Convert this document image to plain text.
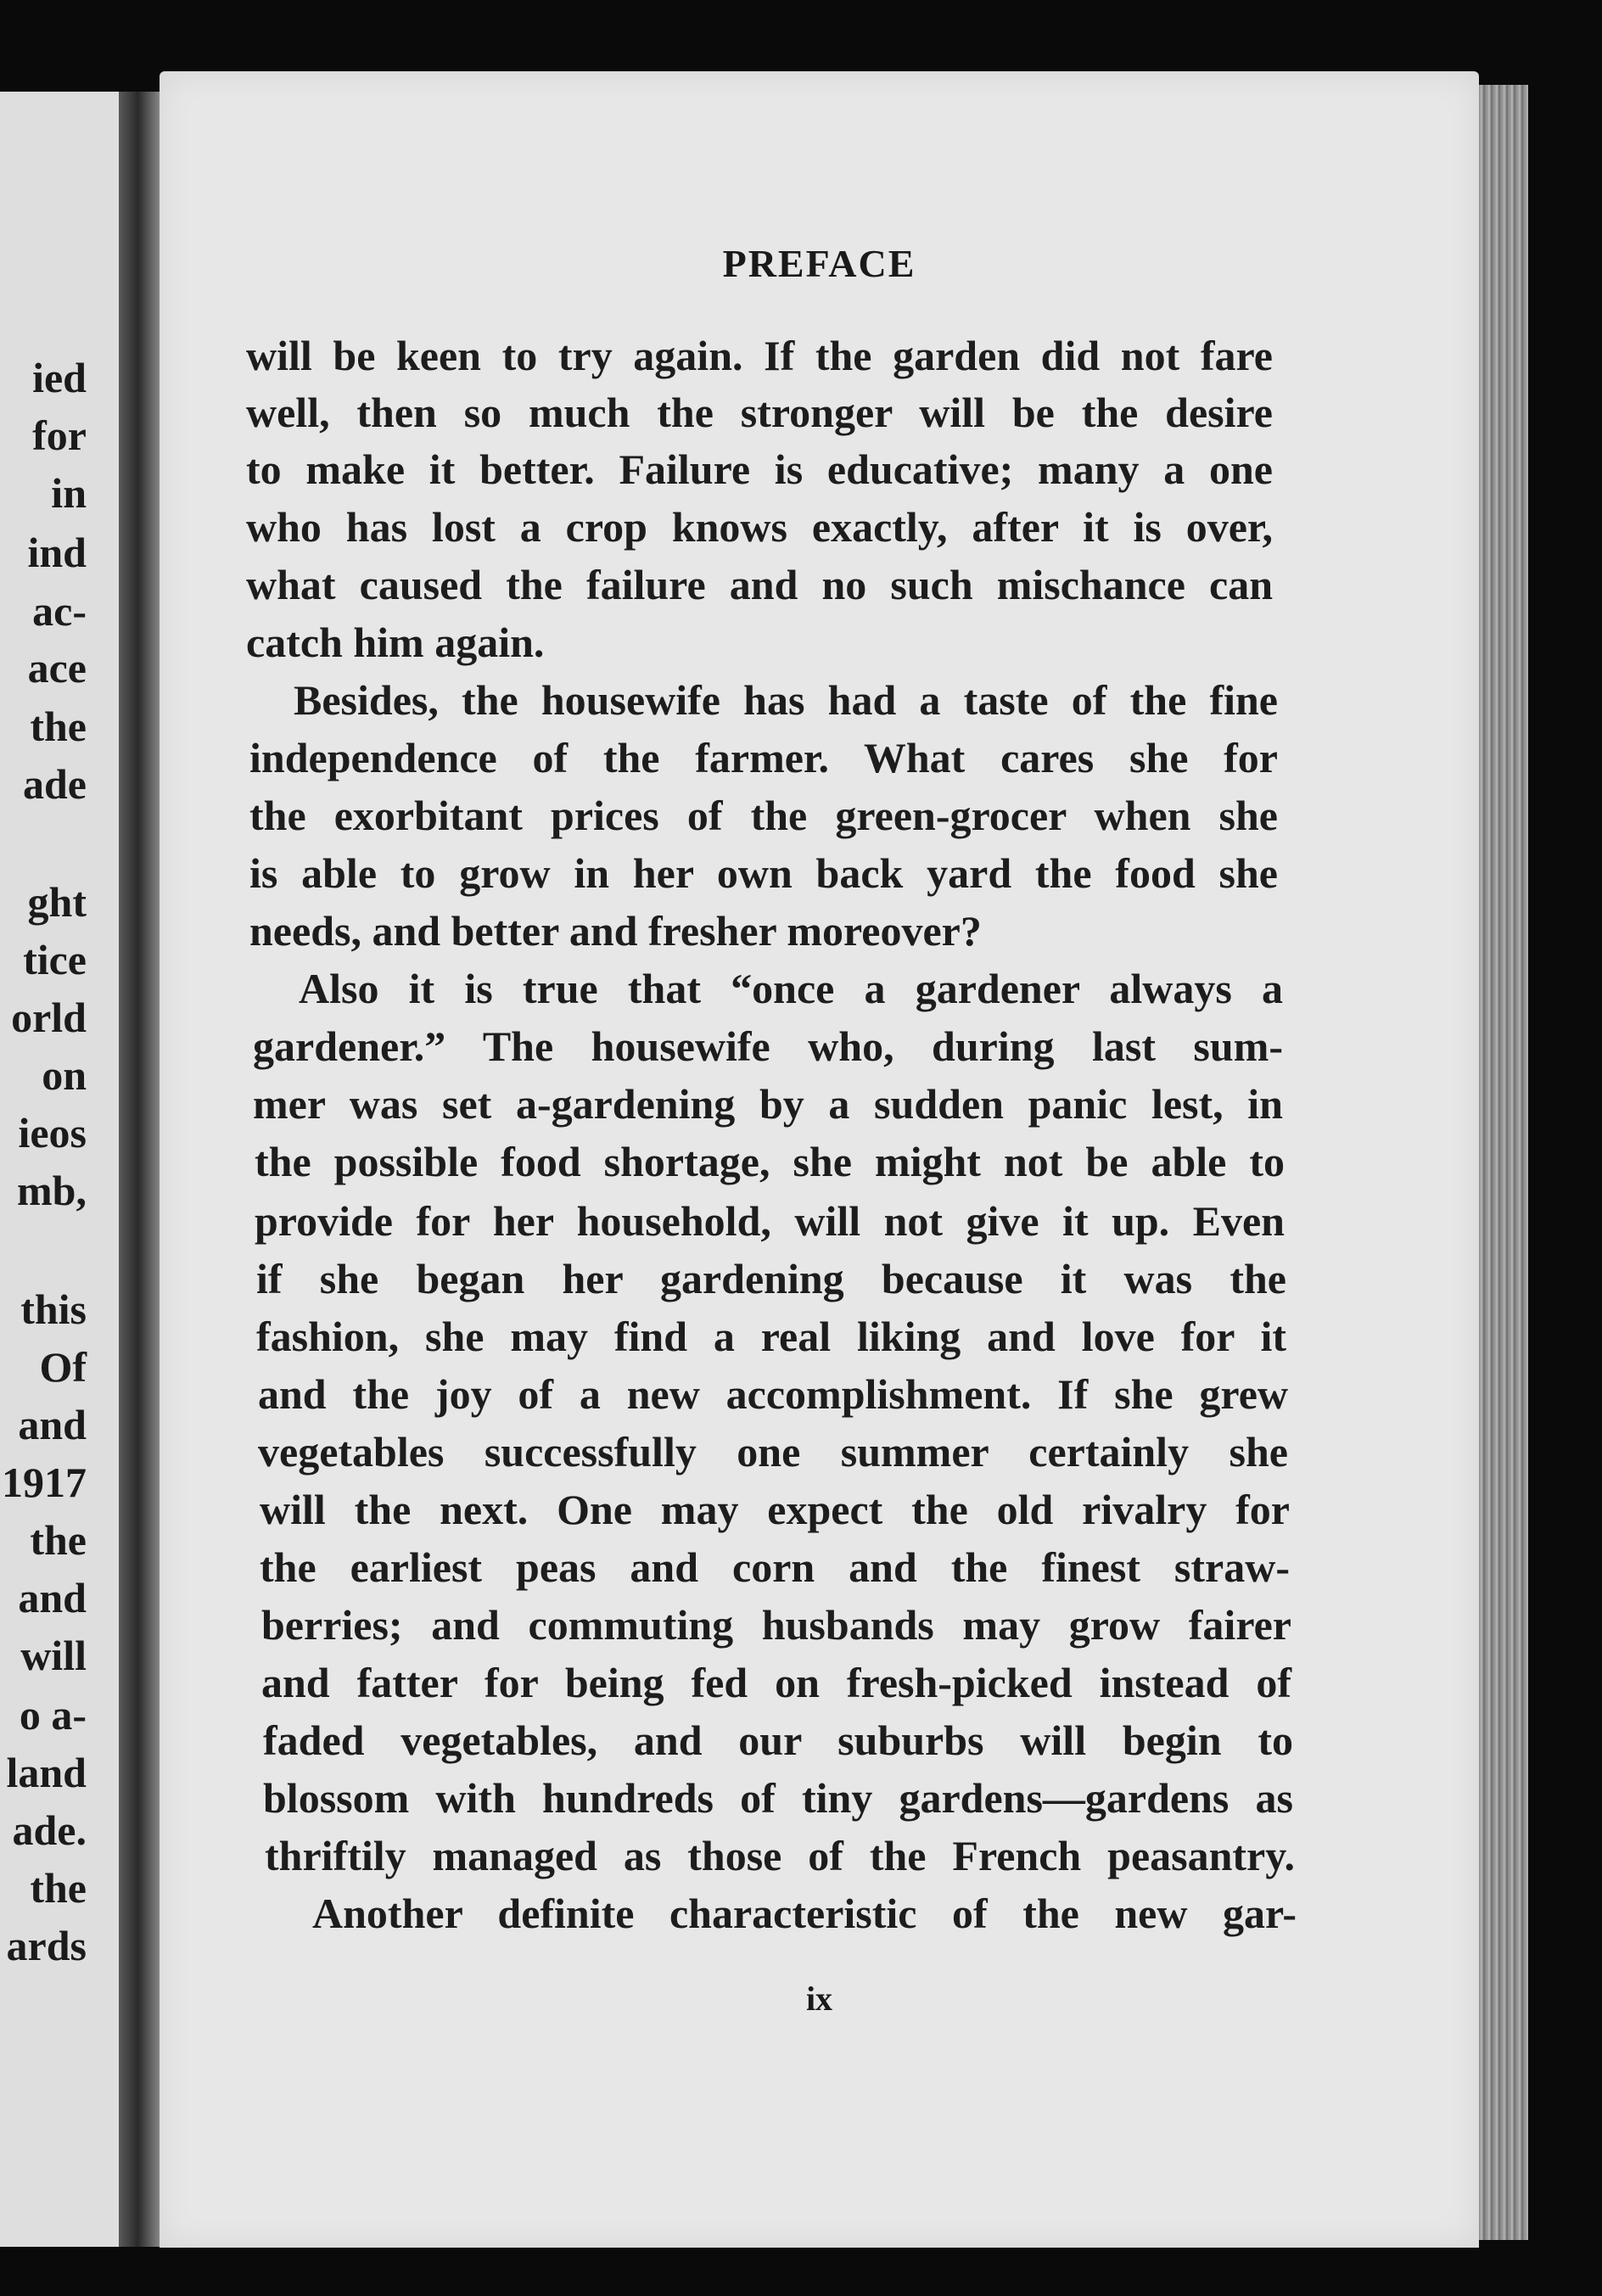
ied
for
in
ind
ac-
ace
the
ade
ght
tice
orld
on
ieos
mb,
this
Of
and
1917
the
and
will
o a-
land
ade.
the
ards
PREFACE
will be keen to try again. If the garden did not fare
well, then so much the stronger will be the desire
to make it better. Failure is educative; many a one
who has lost a crop knows exactly, after it is over,
what caused the failure and no such mischance can
catch him again.
Besides, the housewife has had a taste of the fine
independence of the farmer. What cares she for
the exorbitant prices of the green-grocer when she
is able to grow in her own back yard the food she
needs, and better and fresher moreover?
Also it is true that “once a gardener always a
gardener.” The housewife who, during last sum-
mer was set a-gardening by a sudden panic lest, in
the possible food shortage, she might not be able to
provide for her household, will not give it up. Even
if she began her gardening because it was the
fashion, she may find a real liking and love for it
and the joy of a new accomplishment. If she grew
vegetables successfully one summer certainly she
will the next. One may expect the old rivalry for
the earliest peas and corn and the finest straw-
berries; and commuting husbands may grow fairer
and fatter for being fed on fresh-picked instead of
faded vegetables, and our suburbs will begin to
blossom with hundreds of tiny gardens—gardens as
thriftily managed as those of the French peasantry.
Another definite characteristic of the new gar-
ix
